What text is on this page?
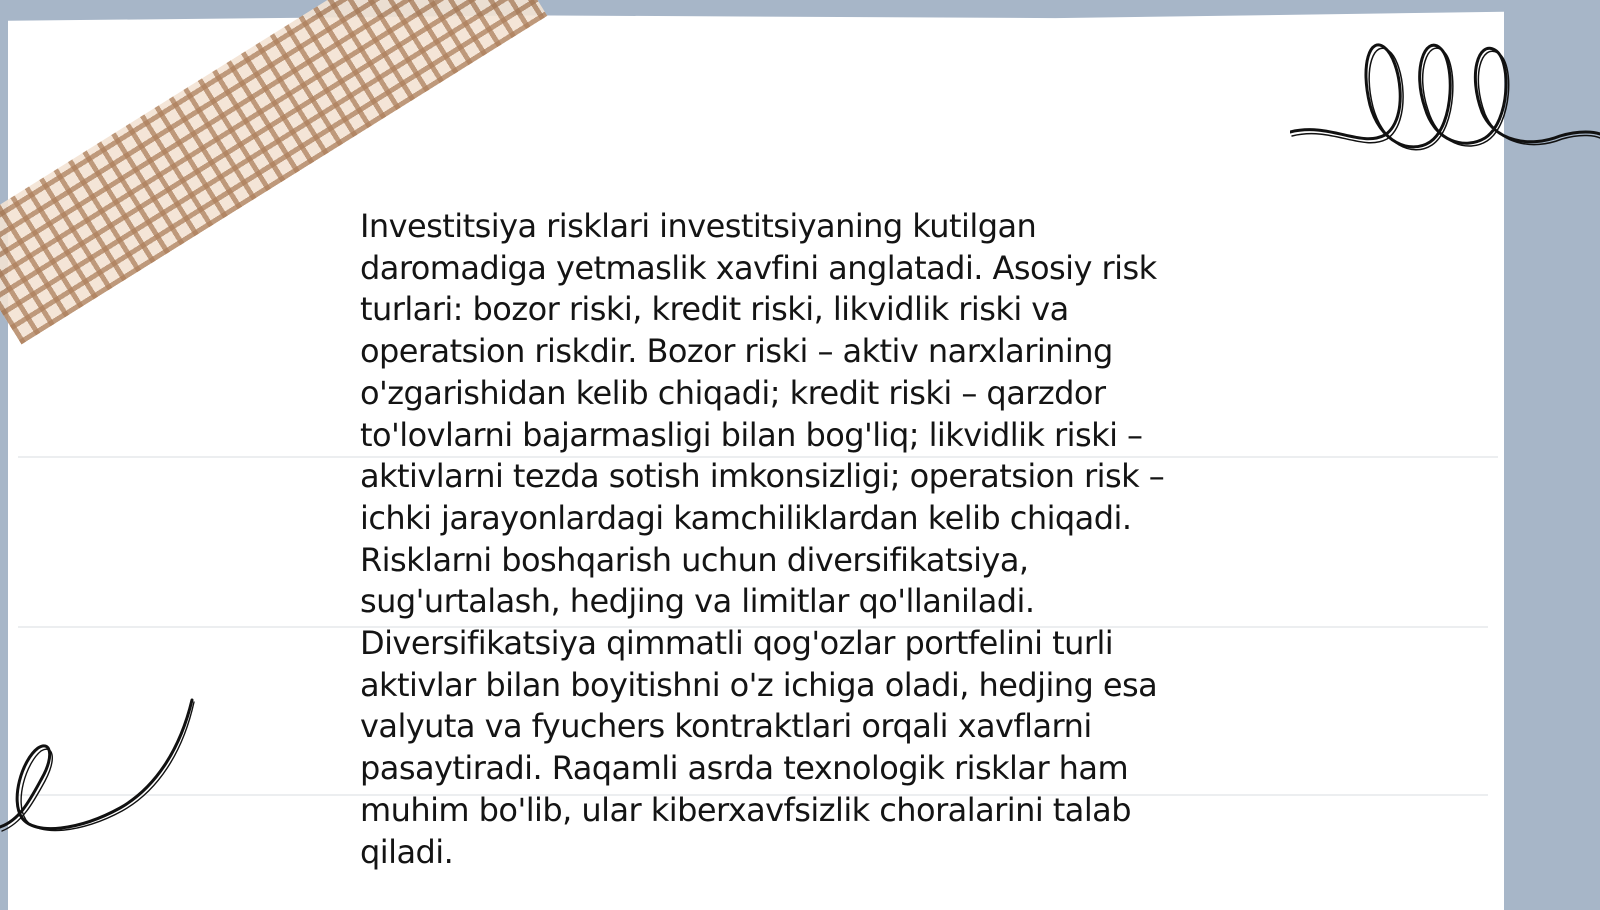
Investitsiya risklari investitsiyaning kutilgan daromadiga yetmaslik xavfini anglatadi. Asosiy risk turlari: bozor riski, kredit riski, likvidlik riski va operatsion riskdir. Bozor riski – aktiv narxlarining o'zgarishidan kelib chiqadi; kredit riski – qarzdor to'lovlarni bajarmasligi bilan bog'liq; likvidlik riski – aktivlarni tezda sotish imkonsizligi; operatsion risk – ichki jarayonlardagi kamchiliklardan kelib chiqadi. Risklarni boshqarish uchun diversifikatsiya, sug'urtalash, hedjing va limitlar qo'llaniladi. Diversifikatsiya qimmatli qog'ozlar portfelini turli aktivlar bilan boyitishni o'z ichiga oladi, hedjing esa valyuta va fyuchers kontraktlari orqali xavflarni pasaytiradi. Raqamli asrda texnologik risklar ham muhim bo'lib, ular kiberxavfsizlik choralarini talab qiladi.
